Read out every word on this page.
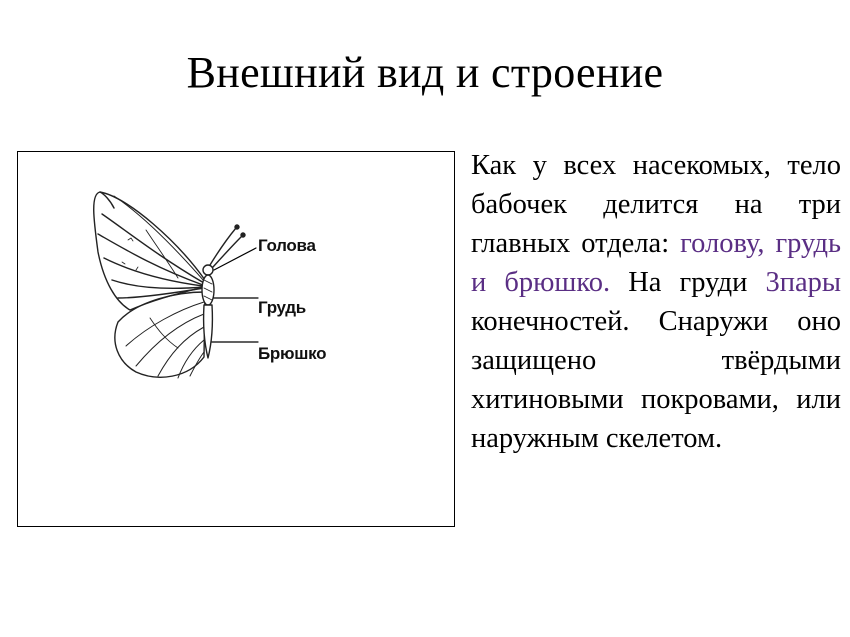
Внешний вид и строение
Голова
Грудь
Брюшко
Как у всех насекомых, тело бабочек делится на три главных отдела: голову, грудь и брюшко. На груди 3пары конечностей. Снаружи оно защищено твёрдыми хитиновыми покровами, или наружным скелетом.
